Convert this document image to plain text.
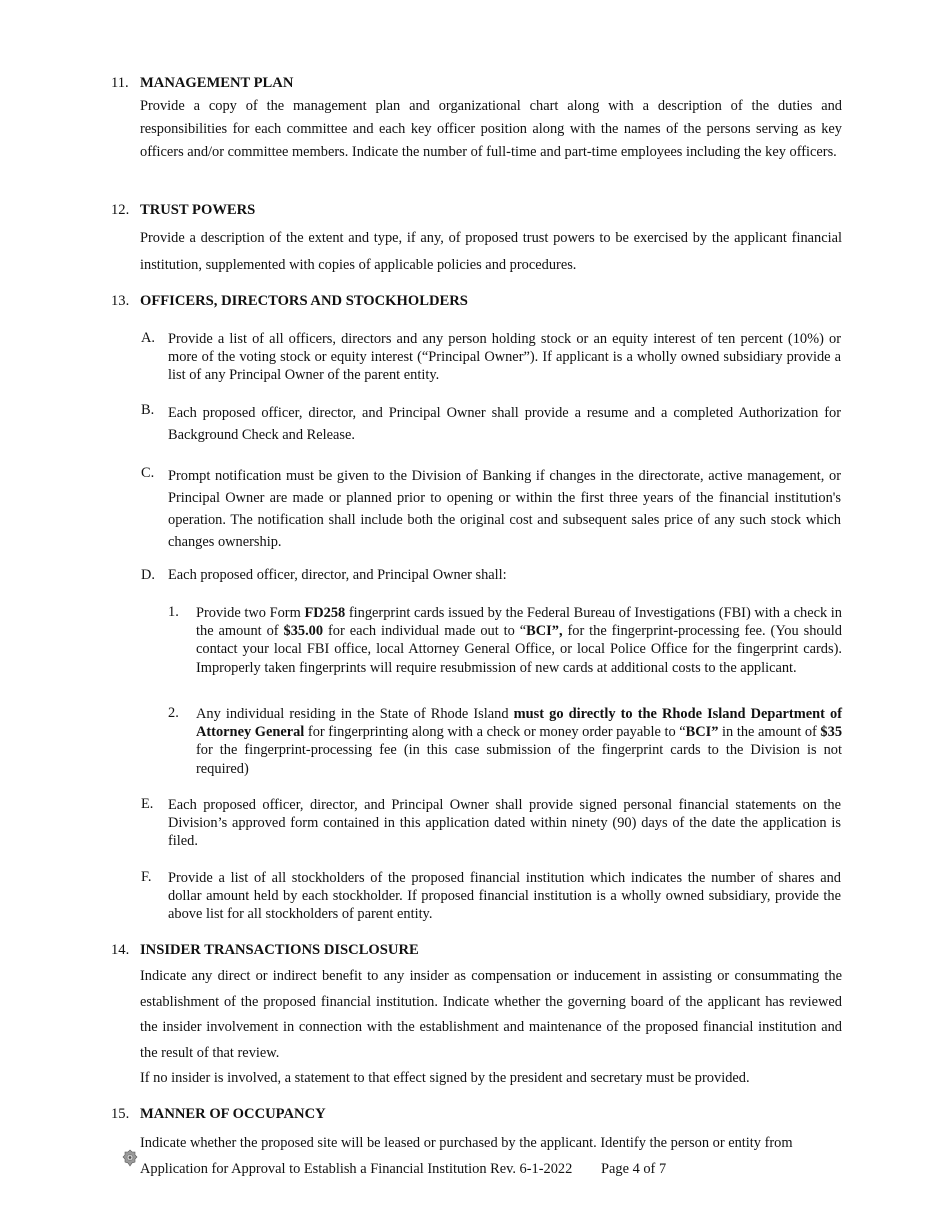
11. MANAGEMENT PLAN
Provide a copy of the management plan and organizational chart along with a description of the duties and responsibilities for each committee and each key officer position along with the names of the persons serving as key officers and/or committee members. Indicate the number of full-time and part-time employees including the key officers.
12. TRUST POWERS
Provide a description of the extent and type, if any, of proposed trust powers to be exercised by the applicant financial institution, supplemented with copies of applicable policies and procedures.
13. OFFICERS, DIRECTORS AND STOCKHOLDERS
A. Provide a list of all officers, directors and any person holding stock or an equity interest of ten percent (10%) or more of the voting stock or equity interest (“Principal Owner”). If applicant is a wholly owned subsidiary provide a list of any Principal Owner of the parent entity.
B. Each proposed officer, director, and Principal Owner shall provide a resume and a completed Authorization for Background Check and Release.
C. Prompt notification must be given to the Division of Banking if changes in the directorate, active management, or Principal Owner are made or planned prior to opening or within the first three years of the financial institution's operation. The notification shall include both the original cost and subsequent sales price of any such stock which changes ownership.
D. Each proposed officer, director, and Principal Owner shall:
1. Provide two Form FD258 fingerprint cards issued by the Federal Bureau of Investigations (FBI) with a check in the amount of $35.00 for each individual made out to “BCI”, for the fingerprint-processing fee. (You should contact your local FBI office, local Attorney General Office, or local Police Office for the fingerprint cards). Improperly taken fingerprints will require resubmission of new cards at additional costs to the applicant.
2. Any individual residing in the State of Rhode Island must go directly to the Rhode Island Department of Attorney General for fingerprinting along with a check or money order payable to “BCI” in the amount of $35 for the fingerprint-processing fee (in this case submission of the fingerprint cards to the Division is not required)
E. Each proposed officer, director, and Principal Owner shall provide signed personal financial statements on the Division’s approved form contained in this application dated within ninety (90) days of the date the application is filed.
F. Provide a list of all stockholders of the proposed financial institution which indicates the number of shares and dollar amount held by each stockholder. If proposed financial institution is a wholly owned subsidiary, provide the above list for all stockholders of parent entity.
14. INSIDER TRANSACTIONS DISCLOSURE
Indicate any direct or indirect benefit to any insider as compensation or inducement in assisting or consummating the establishment of the proposed financial institution. Indicate whether the governing board of the applicant has reviewed the insider involvement in connection with the establishment and maintenance of the proposed financial institution and the result of that review.
If no insider is involved, a statement to that effect signed by the president and secretary must be provided.
15. MANNER OF OCCUPANCY
Indicate whether the proposed site will be leased or purchased by the applicant. Identify the person or entity from
Application for Approval to Establish a Financial Institution Rev. 6-1-2022 Page 4 of 7
